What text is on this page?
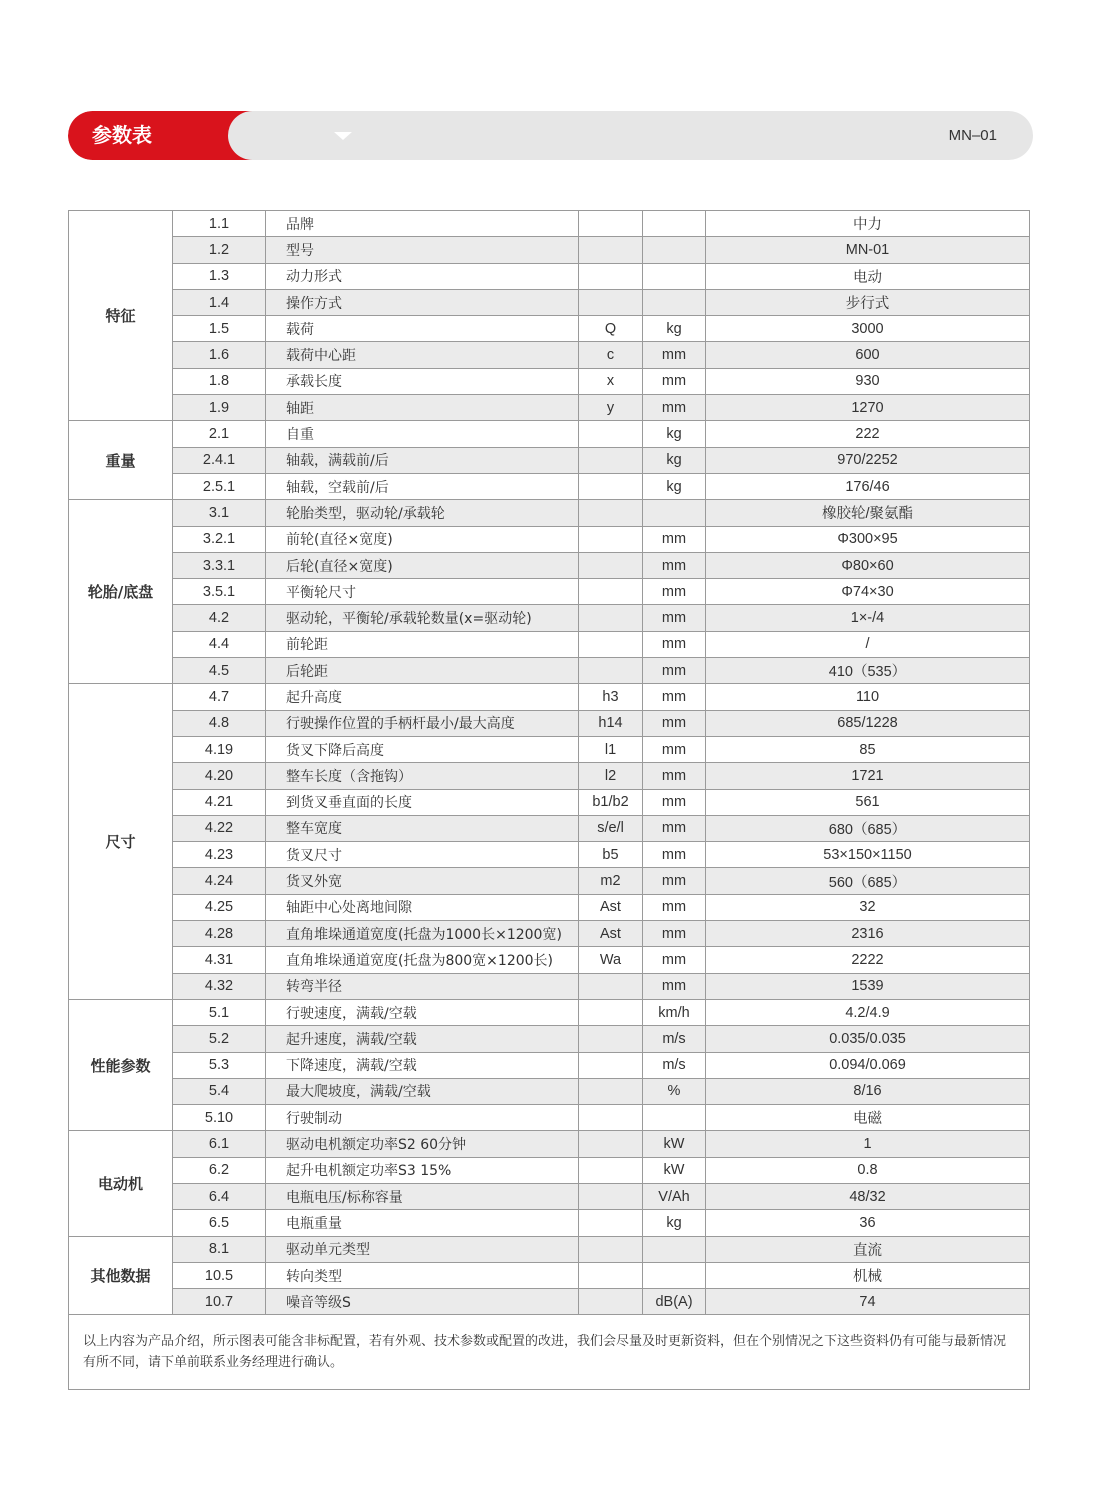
参数表	MN–01
特征	1.1	品牌			中力
	1.2	型号			MN-01
	1.3	动力形式			电动
	1.4	操作方式			步行式
	1.5	载荷	Q	kg	3000
	1.6	载荷中心距	c	mm	600
	1.8	承载长度	x	mm	930
	1.9	轴距	y	mm	1270
重量	2.1	自重		kg	222
	2.4.1	轴载，满载前/后		kg	970/2252
	2.5.1	轴载，空载前/后		kg	176/46
轮胎/底盘	3.1	轮胎类型，驱动轮/承载轮			橡胶轮/聚氨酯
	3.2.1	前轮(直径×宽度)		mm	Φ300×95
	3.3.1	后轮(直径×宽度)		mm	Φ80×60
	3.5.1	平衡轮尺寸		mm	Φ74×30
	4.2	驱动轮，平衡轮/承载轮数量(x=驱动轮)		mm	1×-/4
	4.4	前轮距		mm	/
	4.5	后轮距		mm	410（535）
尺寸	4.7	起升高度	h3	mm	110
	4.8	行驶操作位置的手柄杆最小/最大高度	h14	mm	685/1228
	4.19	货叉下降后高度	l1	mm	85
	4.20	整车长度（含拖钩）	l2	mm	1721
	4.21	到货叉垂直面的长度	b1/b2	mm	561
	4.22	整车宽度	s/e/l	mm	680（685）
	4.23	货叉尺寸	b5	mm	53×150×1150
	4.24	货叉外宽	m2	mm	560（685）
	4.25	轴距中心处离地间隙	Ast	mm	32
	4.28	直角堆垛通道宽度(托盘为1000长×1200宽)	Ast	mm	2316
	4.31	直角堆垛通道宽度(托盘为800宽×1200长)	Wa	mm	2222
	4.32	转弯半径		mm	1539
性能参数	5.1	行驶速度，满载/空载		km/h	4.2/4.9
	5.2	起升速度，满载/空载		m/s	0.035/0.035
	5.3	下降速度，满载/空载		m/s	0.094/0.069
	5.4	最大爬坡度，满载/空载		%	8/16
	5.10	行驶制动			电磁
电动机	6.1	驱动电机额定功率S2 60分钟		kW	1
	6.2	起升电机额定功率S3 15%		kW	0.8
	6.4	电瓶电压/标称容量		V/Ah	48/32
	6.5	电瓶重量		kg	36
其他数据	8.1	驱动单元类型			直流
	10.5	转向类型			机械
	10.7	噪音等级S		dB(A)	74
以上内容为产品介绍，所示图表可能含非标配置，若有外观、技术参数或配置的改进，我们会尽量及时更新资料，但在个别情况之下这些资料仍有可能与最新情况有所不同，请下单前联系业务经理进行确认。					
